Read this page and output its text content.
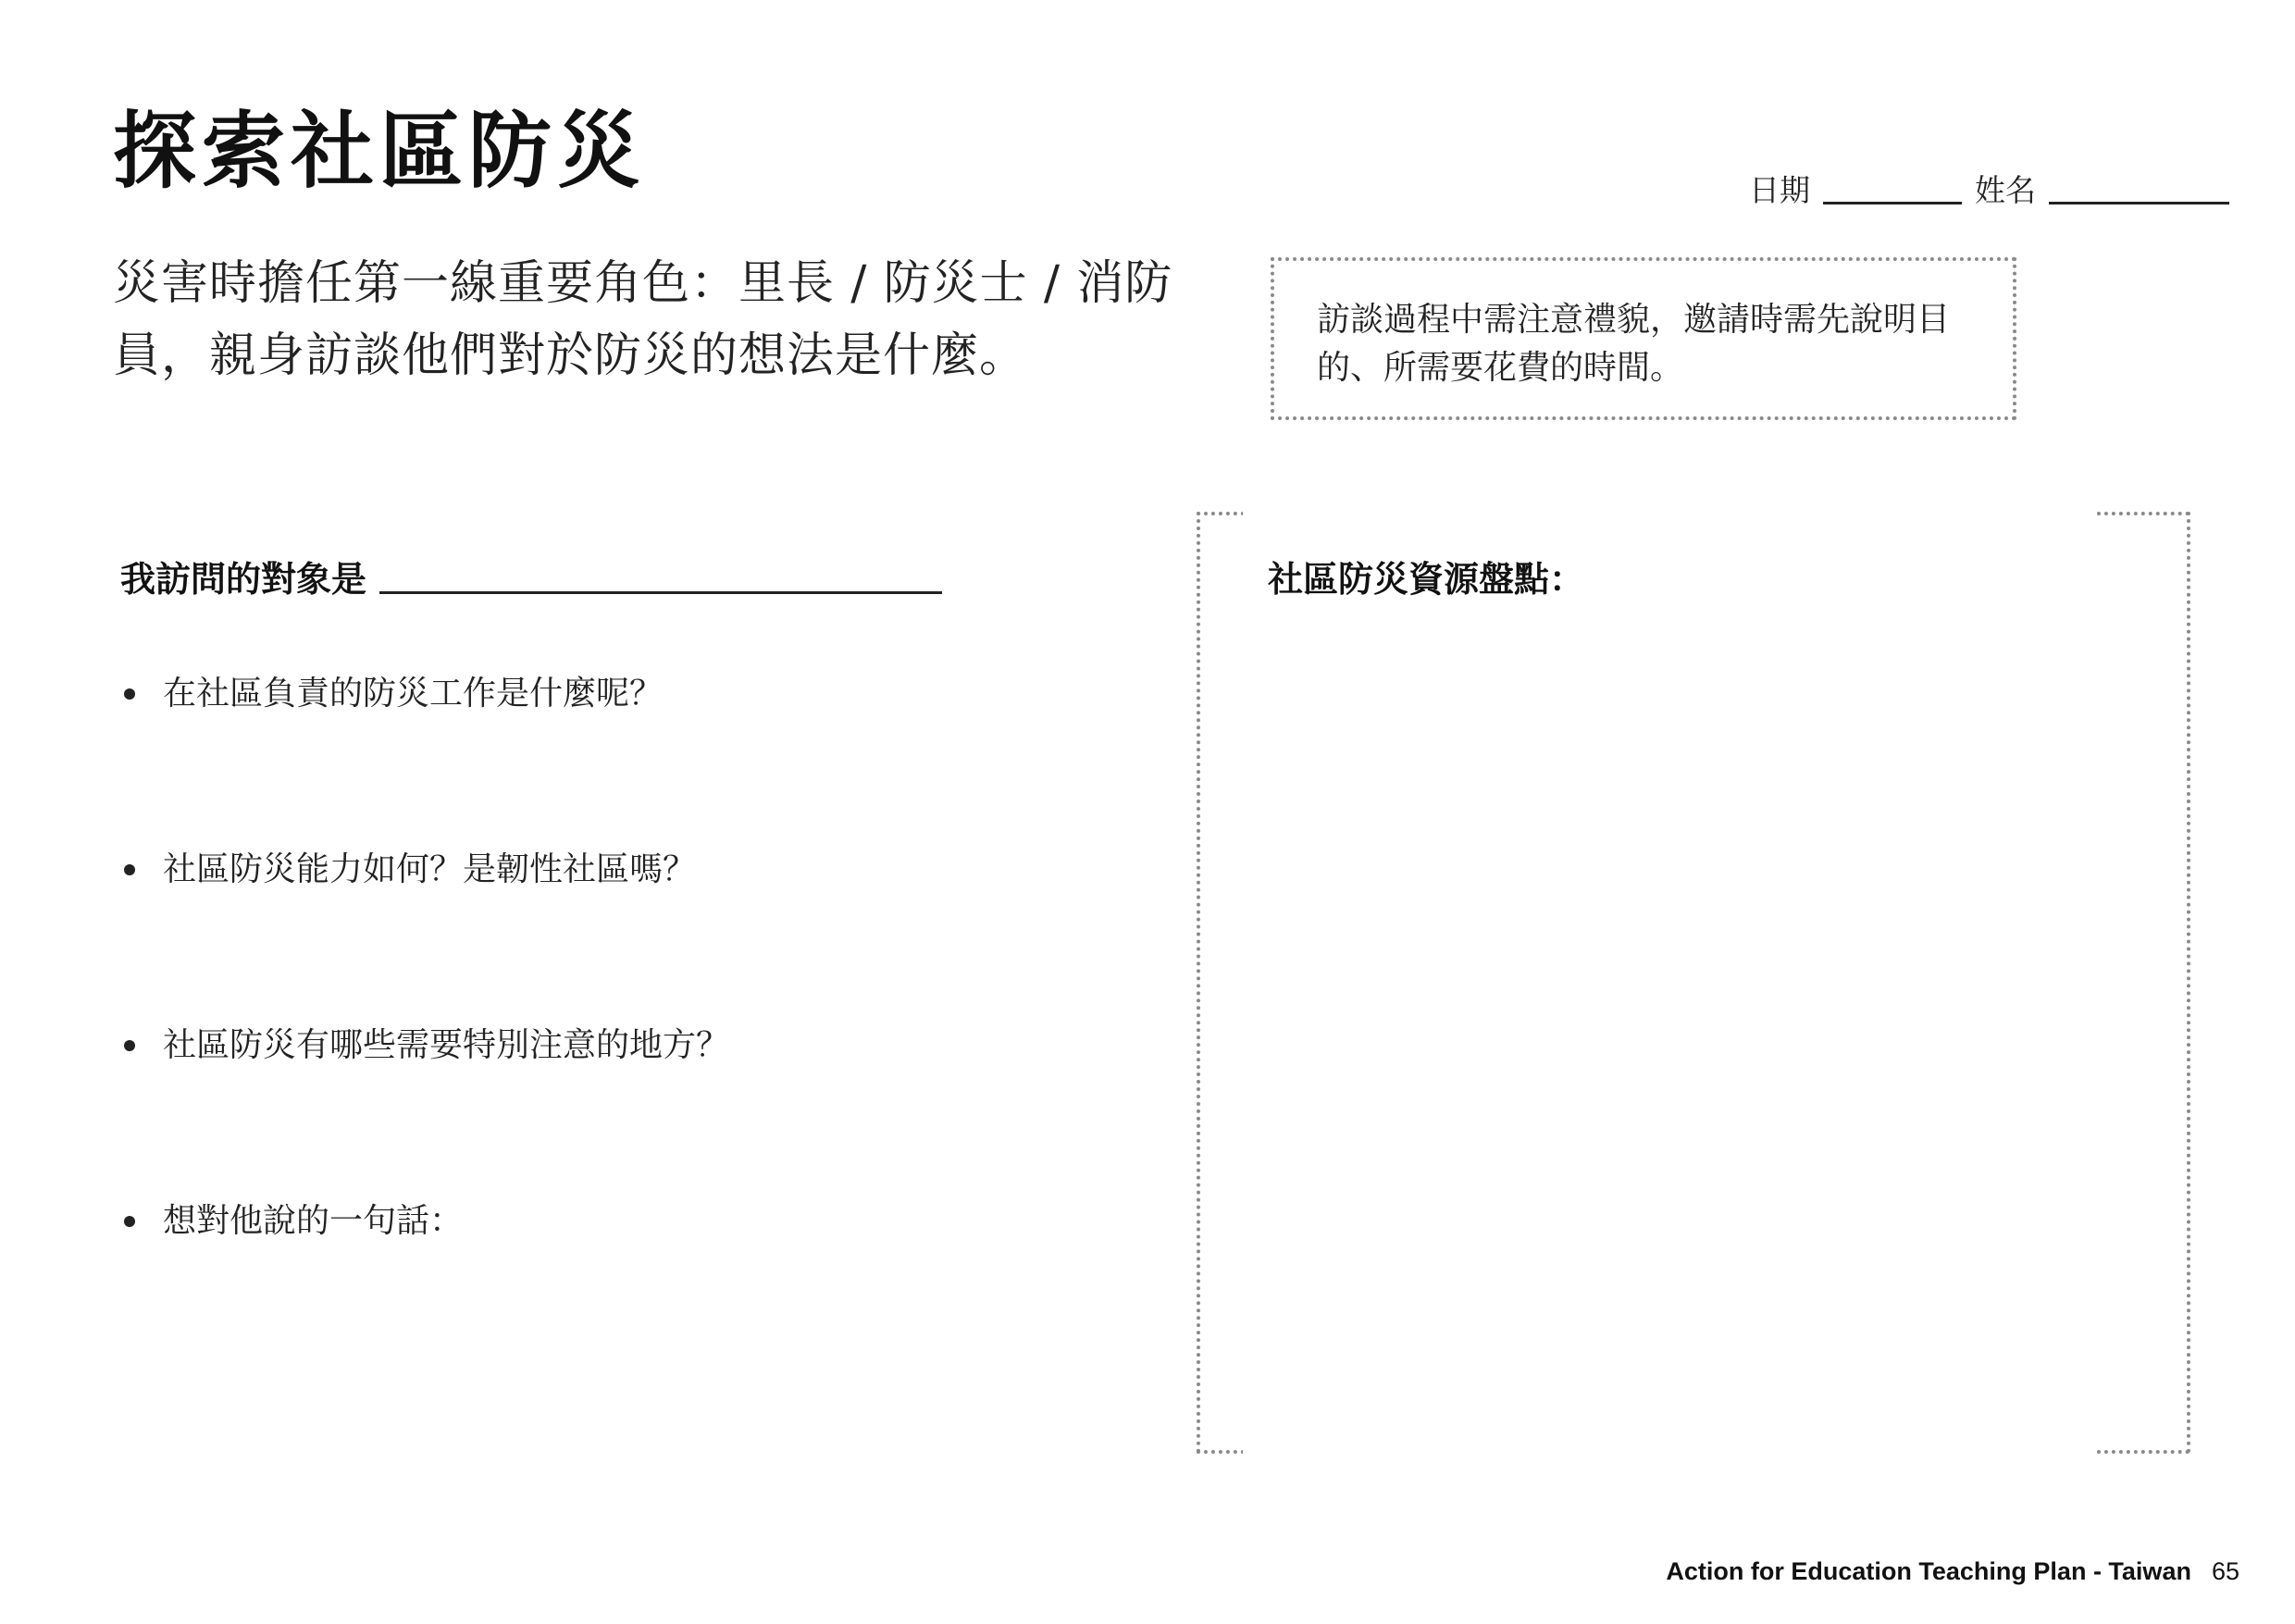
探索社區防災	日期	姓名

災害時擔任第一線重要角色：里長 / 防災士 / 消防員，親身訪談他們對於防災的想法是什麼。

訪談過程中需注意禮貌，邀請時需先說明目的、所需要花費的時間。
我訪問的對象是
在社區負責的防災工作是什麼呢？
社區防災能力如何？是韌性社區嗎？
社區防災有哪些需要特別注意的地方？
想對他說的一句話：
社區防災資源盤點：
Action for Education Teaching Plan - Taiwan 65
